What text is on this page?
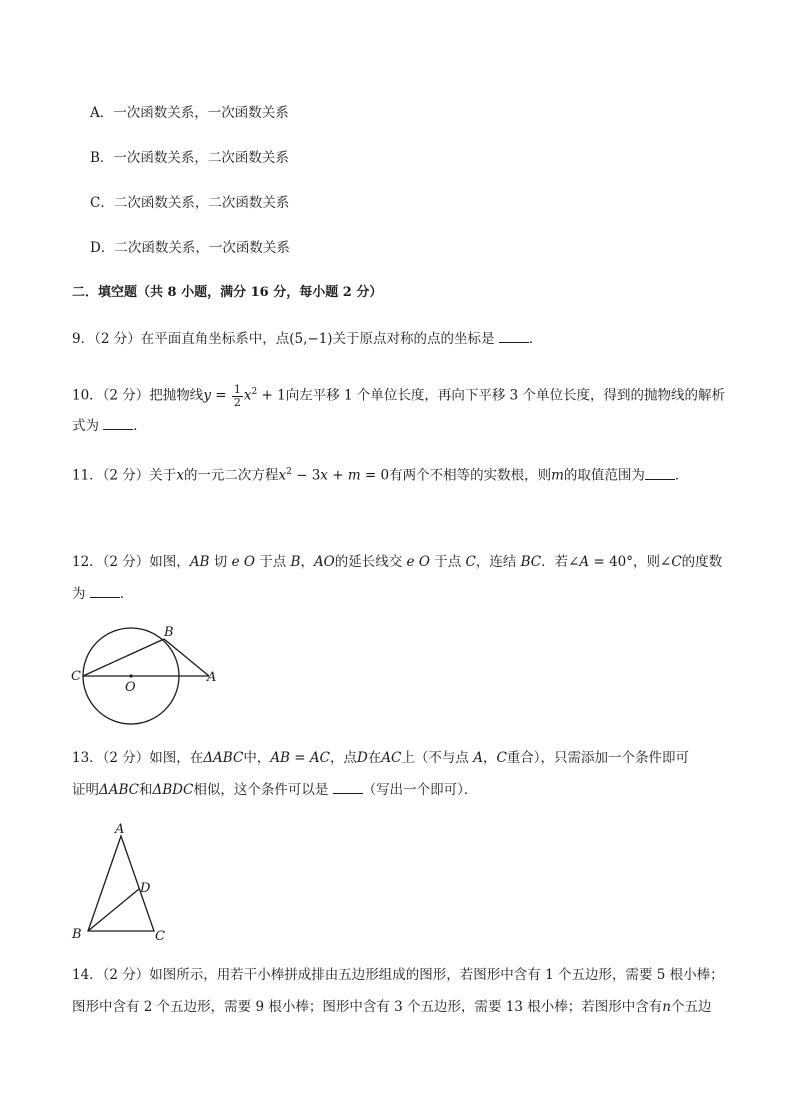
A．一次函数关系，一次函数关系
B．一次函数关系，二次函数关系
C．二次函数关系，二次函数关系
D．二次函数关系，一次函数关系
二．填空题（共 8 小题，满分 16 分，每小题 2 分）
9．（2 分）在平面直角坐标系中，点(5,−1)关于原点对称的点的坐标是	．
10．（2 分）把抛物线$y = \frac{1}{2} x^2 + 1$向左平移 1 个单位长度，再向下平移 3 个单位长度，得到的抛物线的解析
式为	．
11．（2 分）关于x的一元二次方程$x^2 - 3x + m = 0$有两个不相等的实数根，则m的取值范围为 ．
12．（2 分）如图，AB 切 e O 于点 B，AO的延长线交 e O 于点 C，连结 BC．若∠A = 40°，则∠C的度数
为	．
C
O
B
A
13．（2 分）如图，在ΔABC中，AB = AC，点D在AC上（不与点 A，C重合），只需添加一个条件即可
证明ΔABC和ΔBDC相似，这个条件可以是	（写出一个即可）．
A
D
B	C
14．（2 分）如图所示，用若干小棒拼成排由五边形组成的图形，若图形中含有 1 个五边形，需要 5 根小棒；
图形中含有 2 个五边形，需要 9 根小棒；图形中含有 3 个五边形，需要 13 根小棒；若图形中含有n个五边
